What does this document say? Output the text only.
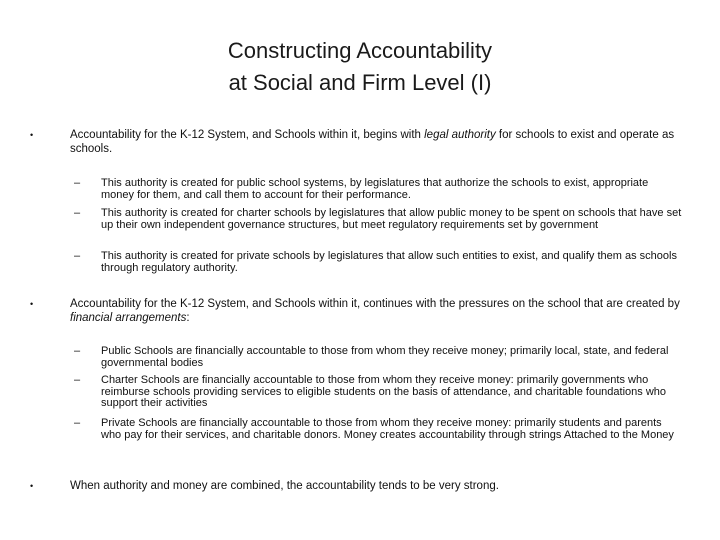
Constructing Accountability
at Social and Firm Level (I)
•	Accountability for the K-12 System, and Schools within it, begins with legal authority for schools to exist and operate as schools.
–	This authority is created for public school systems, by legislatures that authorize the schools to exist, appropriate money for them, and call them to account for their performance.
–	This authority is created for charter schools by legislatures that allow public money to be spent on schools that have set up their own independent governance structures, but meet regulatory requirements set by government
–	This authority is created for private schools by legislatures that allow such entities to exist, and qualify them as schools through regulatory authority.
•	Accountability for the K-12 System, and Schools within it, continues with the pressures on the school that are created by financial arrangements:
–	Public Schools are financially accountable to those from whom they receive money; primarily local, state, and federal governmental bodies
–	Charter Schools are financially accountable to those from whom they receive money: primarily governments who reimburse schools providing services to eligible students on the basis of attendance, and charitable foundations who support their activities
–	Private Schools are financially accountable to those from whom they receive money: primarily students and parents who pay for their services, and charitable donors. Money creates accountability through strings Attached to the Money
•	When authority and money are combined, the accountability tends to be very strong.
